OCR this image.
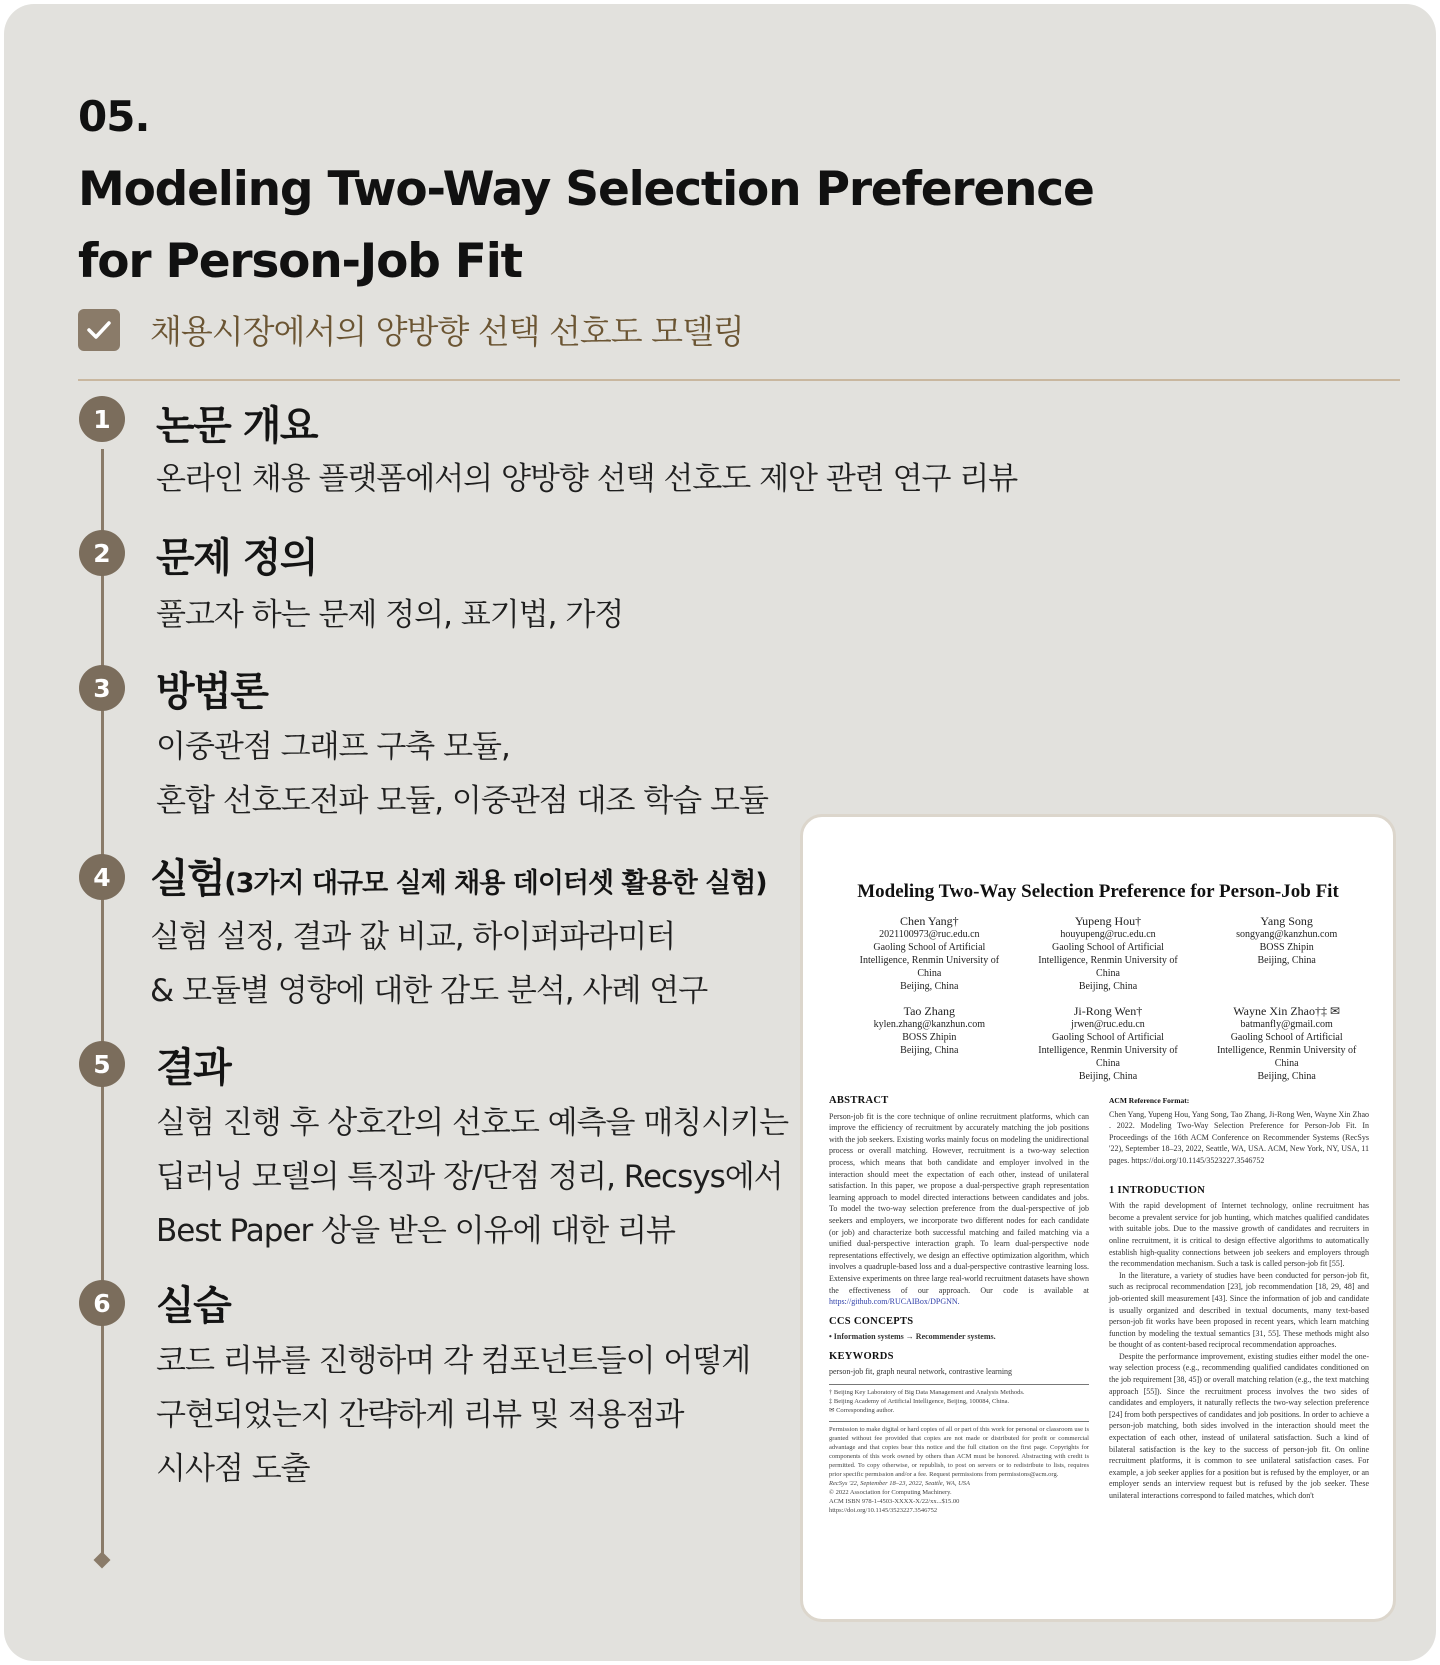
05.
Modeling Two-Way Selection Preference
for Person-Job Fit
채용시장에서의 양방향 선택 선호도 모델링
1	논문 개요
온라인 채용 플랫폼에서의 양방향 선택 선호도 제안 관련 연구 리뷰
2	문제 정의
풀고자 하는 문제 정의, 표기법, 가정
3	방법론
이중관점 그래프 구축 모듈,
혼합 선호도전파 모듈, 이중관점 대조 학습 모듈
4 실험(3가지 대규모 실제 채용 데이터셋 활용한 실험)
실험 설정, 결과 값 비교, 하이퍼파라미터
& 모듈별 영향에 대한 감도 분석, 사례 연구
5	결과
실험 진행 후 상호간의 선호도 예측을 매칭시키는
딥러닝 모델의 특징과 장/단점 정리, Recsys에서
Best Paper 상을 받은 이유에 대한 리뷰
6	실습
코드 리뷰를 진행하며 각 컴포넌트들이 어떻게
구현되었는지 간략하게 리뷰 및 적용점과
시사점 도출
Modeling Two-Way Selection Preference for Person-Job Fit
Chen Yang†
2021100973@ruc.edu.cn
Gaoling School of Artificial
Intelligence, Renmin University of
China
Beijing, China
Yupeng Hou†
houyupeng@ruc.edu.cn
Gaoling School of Artificial
Intelligence, Renmin University of
China
Beijing, China
Yang Song
songyang@kanzhun.com
BOSS Zhipin
Beijing, China
Tao Zhang
kylen.zhang@kanzhun.com
BOSS Zhipin
Beijing, China
Ji-Rong Wen†
jrwen@ruc.edu.cn
Gaoling School of Artificial
Intelligence, Renmin University of
China
Beijing, China
Wayne Xin Zhao†‡ ✉
batmanfly@gmail.com
Gaoling School of Artificial
Intelligence, Renmin University of
China
Beijing, China
ABSTRACT
Person-job fit is the core technique of online recruitment platforms, which can improve the efficiency of recruitment by accurately matching the job positions with the job seekers. Existing works mainly focus on modeling the unidirectional process or overall matching. However, recruitment is a two-way selection process, which means that both candidate and employer involved in the interaction should meet the expectation of each other, instead of unilateral satisfaction. In this paper, we propose a dual-perspective graph representation learning approach to model directed interactions between candidates and jobs. To model the two-way selection preference from the dual-perspective of job seekers and employers, we incorporate two different nodes for each candidate (or job) and characterize both successful matching and failed matching via a unified dual-perspective interaction graph. To learn dual-perspective node representations effectively, we design an effective optimization algorithm, which involves a quadruple-based loss and a dual-perspective contrastive learning loss. Extensive experiments on three large real-world recruitment datasets have shown the effectiveness of our approach. Our code is available at https://github.com/RUCAIBox/DPGNN.
CCS CONCEPTS
• Information systems → Recommender systems.
KEYWORDS
person-job fit, graph neural network, contrastive learning
† Beijing Key Laboratory of Big Data Management and Analysis Methods.
‡ Beijing Academy of Artificial Intelligence, Beijing, 100084, China.
✉ Corresponding author.
Permission to make digital or hard copies of all or part of this work for personal or classroom use is granted without fee provided that copies are not made or distributed for profit or commercial advantage and that copies bear this notice and the full citation on the first page. Copyrights for components of this work owned by others than ACM must be honored. Abstracting with credit is permitted. To copy otherwise, or republish, to post on servers or to redistribute to lists, requires prior specific permission and/or a fee. Request permissions from permissions@acm.org.
RecSys '22, September 18–23, 2022, Seattle, WA, USA
© 2022 Association for Computing Machinery.
ACM ISBN 978-1-4503-XXXX-X/22/xx...$15.00
https://doi.org/10.1145/3523227.3546752
ACM Reference Format:
Chen Yang, Yupeng Hou, Yang Song, Tao Zhang, Ji-Rong Wen, Wayne Xin Zhao . 2022. Modeling Two-Way Selection Preference for Person-Job Fit. In Proceedings of the 16th ACM Conference on Recommender Systems (RecSys '22), September 18–23, 2022, Seattle, WA, USA. ACM, New York, NY, USA, 11 pages. https://doi.org/10.1145/3523227.3546752
1 INTRODUCTION
With the rapid development of Internet technology, online recruitment has become a prevalent service for job hunting, which matches qualified candidates with suitable jobs. Due to the massive growth of candidates and recruiters in online recruitment, it is critical to design effective algorithms to automatically establish high-quality connections between job seekers and employers through the recommendation mechanism. Such a task is called person-job fit [55].
In the literature, a variety of studies have been conducted for person-job fit, such as reciprocal recommendation [23], job recommendation [18, 29, 48] and job-oriented skill measurement [43]. Since the information of job and candidate is usually organized and described in textual documents, many text-based person-job fit works have been proposed in recent years, which learn matching function by modeling the textual semantics [31, 55]. These methods might also be thought of as content-based reciprocal recommendation approaches.
Despite the performance improvement, existing studies either model the one-way selection process (e.g., recommending qualified candidates conditioned on the job requirement [38, 45]) or overall matching relation (e.g., the text matching approach [55]). Since the recruitment process involves the two sides of candidates and employers, it naturally reflects the two-way selection preference [24] from both perspectives of candidates and job positions. In order to achieve a person-job matching, both sides involved in the interaction should meet the expectation of each other, instead of unilateral satisfaction. Such a kind of bilateral satisfaction is the key to the success of person-job fit. On online recruitment platforms, it is common to see unilateral satisfaction cases. For example, a job seeker applies for a position but is refused by the employer, or an employer sends an interview request but is refused by the job seeker. These unilateral interactions correspond to failed matches, which don't
